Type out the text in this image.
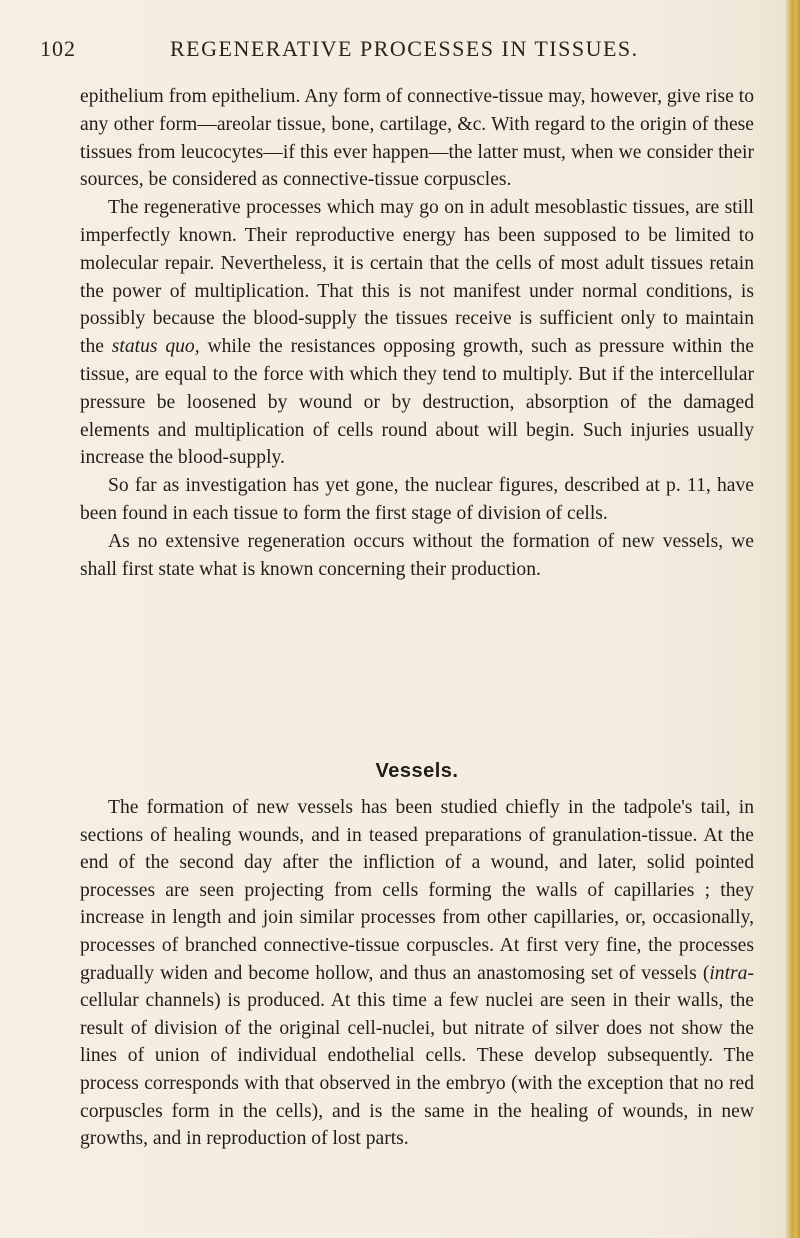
102	REGENERATIVE PROCESSES IN TISSUES.

epithelium from epithelium. Any form of connective-tissue may, however, give rise to any other form—areolar tissue, bone, cartilage, &c. With regard to the origin of these tissues from leucocytes—if this ever happen—the latter must, when we consider their sources, be considered as connective-tissue corpuscles.

The regenerative processes which may go on in adult mesoblastic tissues, are still imperfectly known. Their reproductive energy has been supposed to be limited to molecular repair. Nevertheless, it is certain that the cells of most adult tissues retain the power of multiplication. That this is not manifest under normal conditions, is possibly because the blood-supply the tissues receive is sufficient only to maintain the status quo, while the resistances opposing growth, such as pressure within the tissue, are equal to the force with which they tend to multiply. But if the intercellular pressure be loosened by wound or by destruction, absorption of the damaged elements and multiplication of cells round about will begin. Such injuries usually increase the blood-supply.

So far as investigation has yet gone, the nuclear figures, described at p. 11, have been found in each tissue to form the first stage of division of cells.

As no extensive regeneration occurs without the formation of new vessels, we shall first state what is known concerning their production.

Vessels.

The formation of new vessels has been studied chiefly in the tadpole's tail, in sections of healing wounds, and in teased preparations of granulation-tissue. At the end of the second day after the infliction of a wound, and later, solid pointed processes are seen projecting from cells forming the walls of capillaries ; they increase in length and join similar processes from other capillaries, or, occasionally, processes of branched connective-tissue corpuscles. At first very fine, the processes gradually widen and become hollow, and thus an anastomosing set of vessels (intra-cellular channels) is produced. At this time a few nuclei are seen in their walls, the result of division of the original cell-nuclei, but nitrate of silver does not show the lines of union of individual endothelial cells. These develop subsequently. The process corresponds with that observed in the embryo (with the exception that no red corpuscles form in the cells), and is the same in the healing of wounds, in new growths, and in reproduction of lost parts.
